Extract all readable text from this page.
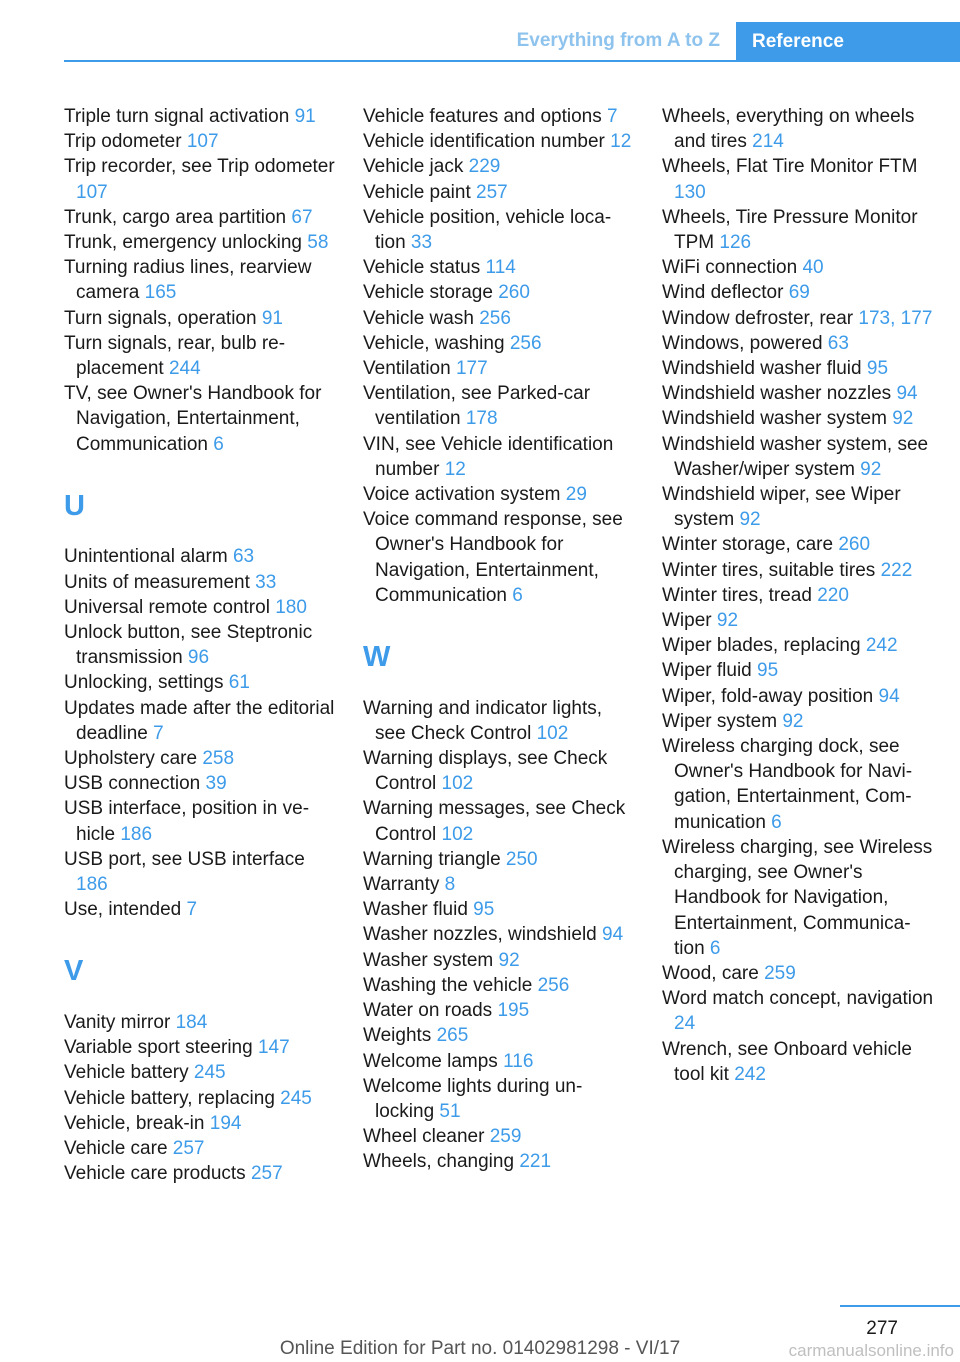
Everything from A to Z	Reference
Triple turn signal activation 91
Trip odometer 107
Trip recorder, see Trip odometer 107
Trunk, cargo area partition 67
Trunk, emergency unlocking 58
Turning radius lines, rearview camera 165
Turn signals, operation 91
Turn signals, rear, bulb replacement 244
TV, see Owner's Handbook for Navigation, Entertainment, Communication 6
U
Unintentional alarm 63
Units of measurement 33
Universal remote control 180
Unlock button, see Steptronic transmission 96
Unlocking, settings 61
Updates made after the editorial deadline 7
Upholstery care 258
USB connection 39
USB interface, position in vehicle 186
USB port, see USB interface 186
Use, intended 7
V
Vanity mirror 184
Variable sport steering 147
Vehicle battery 245
Vehicle battery, replacing 245
Vehicle, break-in 194
Vehicle care 257
Vehicle care products 257
Vehicle features and options 7
Vehicle identification number 12
Vehicle jack 229
Vehicle paint 257
Vehicle position, vehicle location 33
Vehicle status 114
Vehicle storage 260
Vehicle wash 256
Vehicle, washing 256
Ventilation 177
Ventilation, see Parked-car ventilation 178
VIN, see Vehicle identification number 12
Voice activation system 29
Voice command response, see Owner's Handbook for Navigation, Entertainment, Communication 6
W
Warning and indicator lights, see Check Control 102
Warning displays, see Check Control 102
Warning messages, see Check Control 102
Warning triangle 250
Warranty 8
Washer fluid 95
Washer nozzles, windshield 94
Washer system 92
Washing the vehicle 256
Water on roads 195
Weights 265
Welcome lamps 116
Welcome lights during unlocking 51
Wheel cleaner 259
Wheels, changing 221
Wheels, everything on wheels and tires 214
Wheels, Flat Tire Monitor FTM 130
Wheels, Tire Pressure Monitor TPM 126
WiFi connection 40
Wind deflector 69
Window defroster, rear 173, 177
Windows, powered 63
Windshield washer fluid 95
Windshield washer nozzles 94
Windshield washer system 92
Windshield washer system, see Washer/wiper system 92
Windshield wiper, see Wiper system 92
Winter storage, care 260
Winter tires, suitable tires 222
Winter tires, tread 220
Wiper 92
Wiper blades, replacing 242
Wiper fluid 95
Wiper, fold-away position 94
Wiper system 92
Wireless charging dock, see Owner's Handbook for Navigation, Entertainment, Communication 6
Wireless charging, see Wireless charging, see Owner's Handbook for Navigation, Entertainment, Communication 6
Wood, care 259
Word match concept, navigation 24
Wrench, see Onboard vehicle tool kit 242
277
Online Edition for Part no. 01402981298 - VI/17	carmanualsonline.info
